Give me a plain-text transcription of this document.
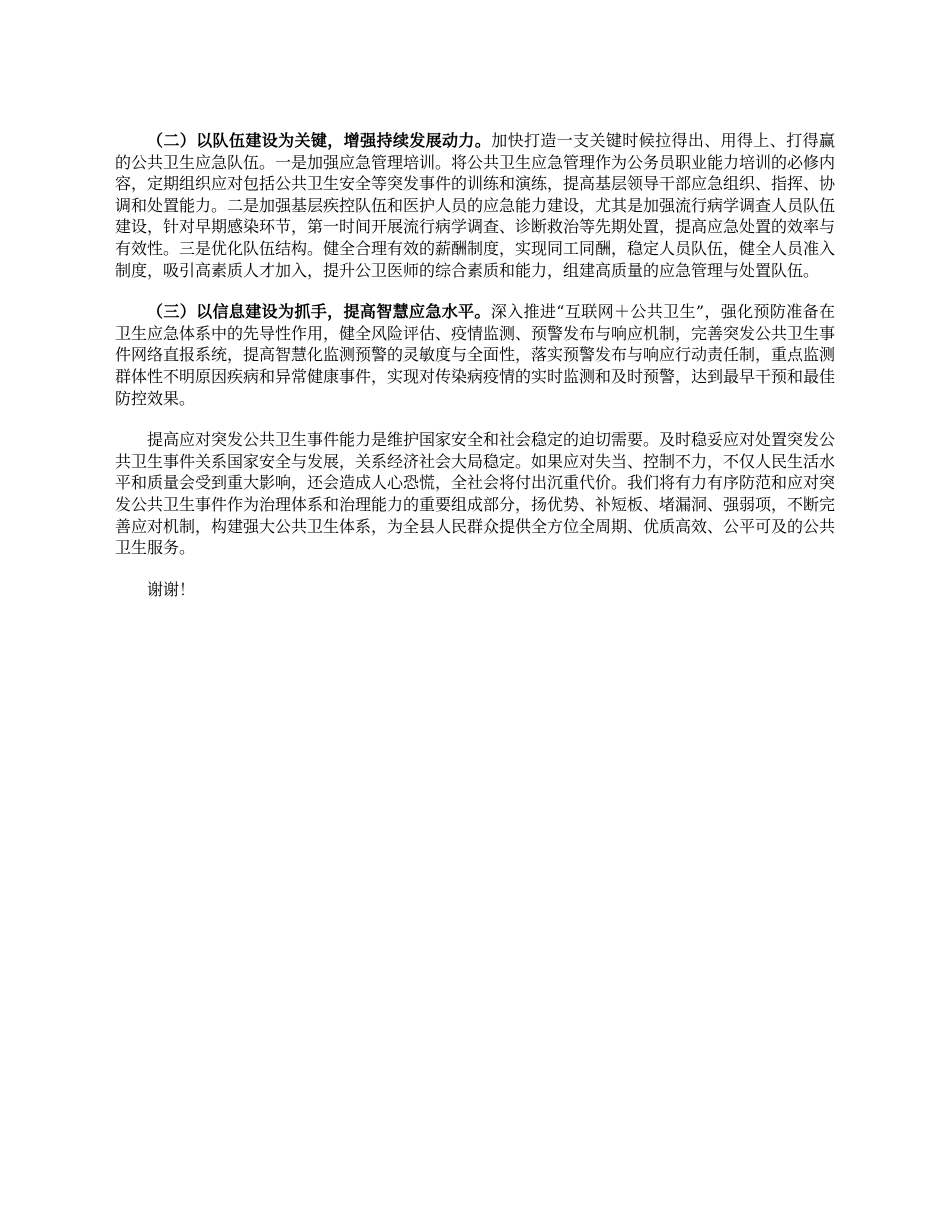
（二）以队伍建设为关键，增强持续发展动力。加快打造一支关键时候拉得出、用得上、打得赢的公共卫生应急队伍。一是加强应急管理培训。将公共卫生应急管理作为公务员职业能力培训的必修内容，定期组织应对包括公共卫生安全等突发事件的训练和演练，提高基层领导干部应急组织、指挥、协调和处置能力。二是加强基层疾控队伍和医护人员的应急能力建设，尤其是加强流行病学调查人员队伍建设，针对早期感染环节，第一时间开展流行病学调查、诊断救治等先期处置，提高应急处置的效率与有效性。三是优化队伍结构。健全合理有效的薪酬制度，实现同工同酬，稳定人员队伍，健全人员准入制度，吸引高素质人才加入，提升公卫医师的综合素质和能力，组建高质量的应急管理与处置队伍。

（三）以信息建设为抓手，提高智慧应急水平。深入推进“互联网＋公共卫生”，强化预防准备在卫生应急体系中的先导性作用，健全风险评估、疫情监测、预警发布与响应机制，完善突发公共卫生事件网络直报系统，提高智慧化监测预警的灵敏度与全面性，落实预警发布与响应行动责任制，重点监测群体性不明原因疾病和异常健康事件，实现对传染病疫情的实时监测和及时预警，达到最早干预和最佳防控效果。

提高应对突发公共卫生事件能力是维护国家安全和社会稳定的迫切需要。及时稳妥应对处置突发公共卫生事件关系国家安全与发展，关系经济社会大局稳定。如果应对失当、控制不力，不仅人民生活水平和质量会受到重大影响，还会造成人心恐慌，全社会将付出沉重代价。我们将有力有序防范和应对突发公共卫生事件作为治理体系和治理能力的重要组成部分，扬优势、补短板、堵漏洞、强弱项，不断完善应对机制，构建强大公共卫生体系，为全县人民群众提供全方位全周期、优质高效、公平可及的公共卫生服务。

谢谢！
